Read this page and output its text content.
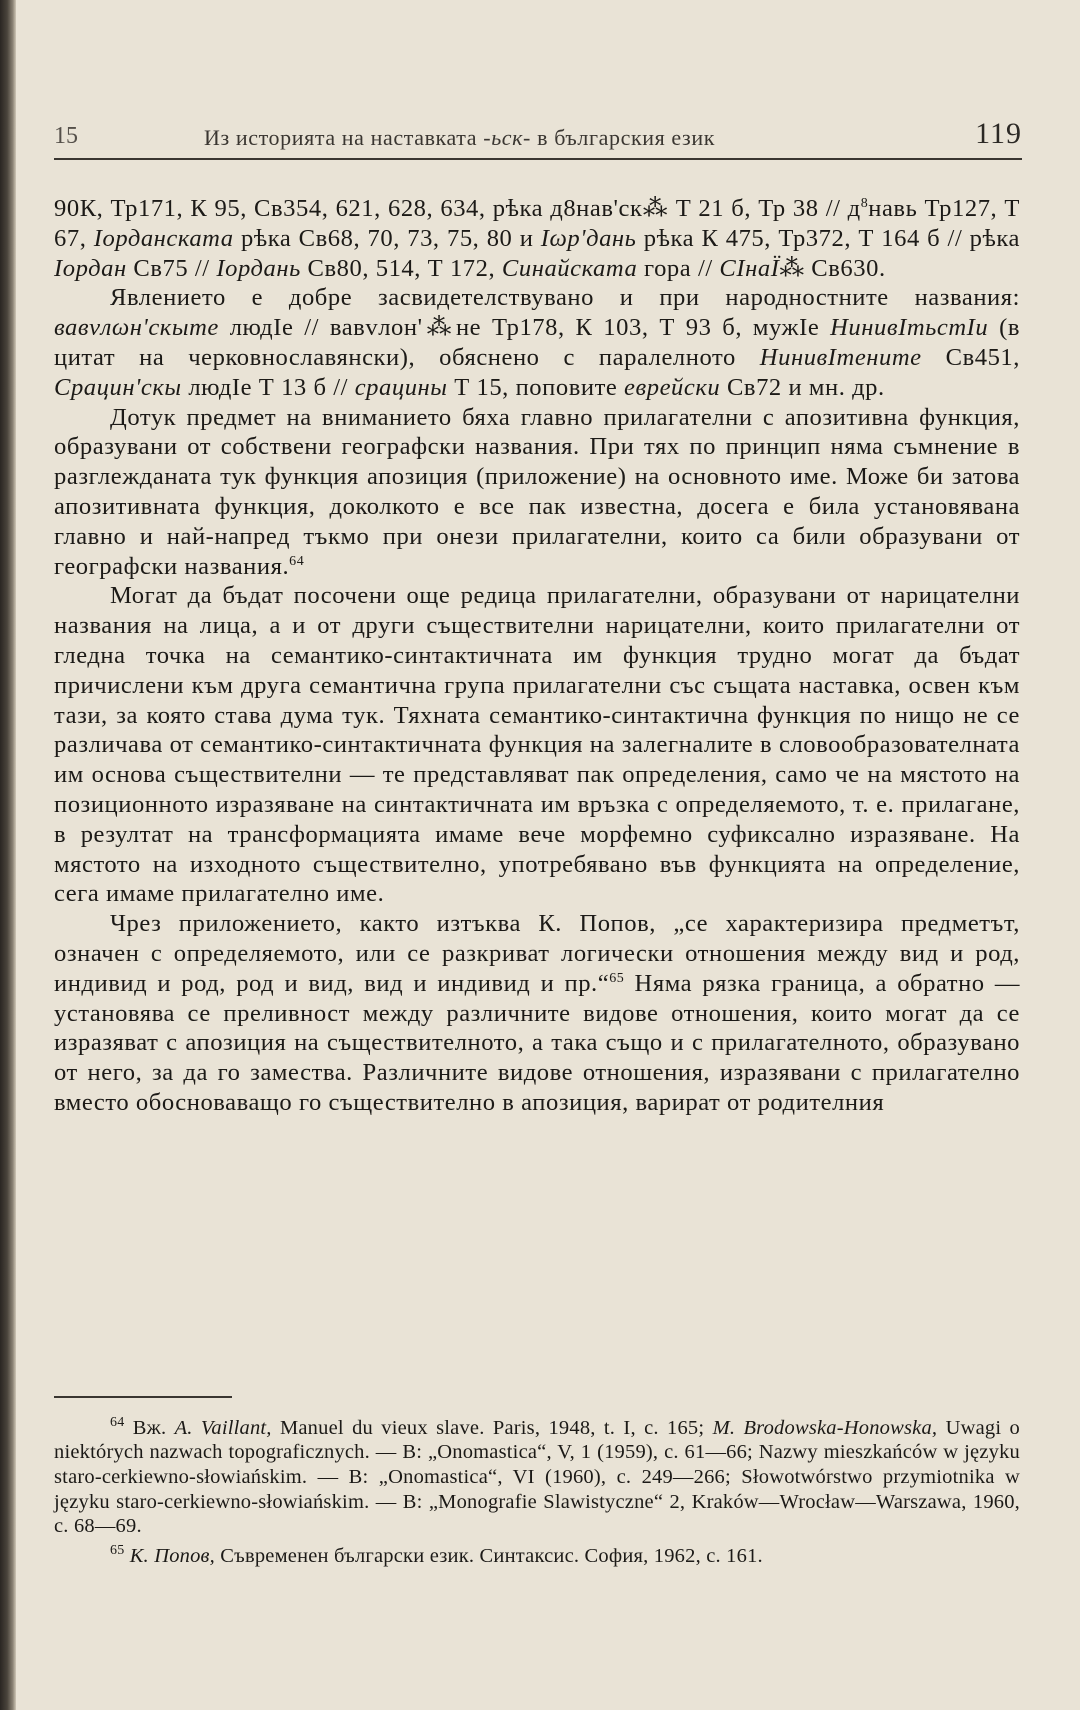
15	Из историята на наставката -ьск- в българския език	119

90К, Тр171, К 95, Св354, 621, 628, 634, рѣка д8нав'ск⁂ Т 21 б, Тр 38 // д$^8$навь Тр127, Т 67, Iорданската рѣка Св68, 70, 73, 75, 80 и Iωр'дань рѣка К 475, Тр372, Т 164 б // рѣка Iордан Св75 // Iордань Св80, 514, Т 172, Синайската гора // СIнаЇ⁂ Св630.

Явлението е добре засвидетелствувано и при народностните названия: вавvлωн'скыте людIе // вавvлон'⁂не Тр178, К 103, Т 93 б, мужIе НинивIтьстIи (в цитат на черковнославянски), обяснено с паралелното НинивIтените Св451, Срацин'скы людIе Т 13 б // срацины Т 15, поповите еврейски Св72 и мн. др.

Дотук предмет на вниманието бяха главно прилагателни с апозитивна функция, образувани от собствени географски названия. При тях по принцип няма съмнение в разглежданата тук функция апозиция (приложение) на основното име. Може би затова апозитивната функция, доколкото е все пак известна, досега е била установявана главно и най-напред тъкмо при онези прилагателни, които са били образувани от географски названия.$^{64}$

Могат да бъдат посочени още редица прилагателни, образувани от нарицателни названия на лица, а и от други съществителни нарицателни, които прилагателни от гледна точка на семантико-синтактичната им функция трудно могат да бъдат причислени към друга семантична група прилагателни със същата наставка, освен към тази, за която става дума тук. Тяхната семантико-синтактична функция по нищо не се различава от семантико-синтактичната функция на залегналите в словообразователната им основа съществителни — те представляват пак определения, само че на мястото на позиционното изразяване на синтактичната им връзка с определяемото, т. е. прилагане, в резултат на трансформацията имаме вече морфемно суфиксално изразяване. На мястото на изходното съществително, употребявано във функцията на определение, сега имаме прилагателно име.

Чрез приложението, както изтъква К. Попов, „се характеризира предметът, означен с определяемото, или се разкриват логически отношения между вид и род, индивид и род, род и вид, вид и индивид и пр.“$^{65}$ Няма рязка граница, а обратно — установява се преливност между различните видове отношения, които могат да се изразяват с апозиция на съществителното, а така също и с прилагателното, образувано от него, за да го замества. Различните видове отношения, изразявани с прилагателно вместо обосноваващо го съществително в апозиция, варират от родителния

$^{64}$ Вж. A. Vaillant, Manuel du vieux slave. Paris, 1948, t. I, c. 165; M. Brodowska-Honowska, Uwagi o niektórych nazwach topograficznych. — В: „Onomastica“, V, 1 (1959), c. 61—66; Nazwy mieszkańców w języku staro-cerkiewno-słowiańskim. — В: „Onomastica“, VI (1960), c. 249—266; Słowotwórstwo przymiotnika w języku staro-cerkiewno-słowiańskim. — В: „Monografie Slawistyczne“ 2, Kraków—Wrocław—Warszawa, 1960, c. 68—69.

$^{65}$ К. Попов, Съвременен български език. Синтаксис. София, 1962, с. 161.
